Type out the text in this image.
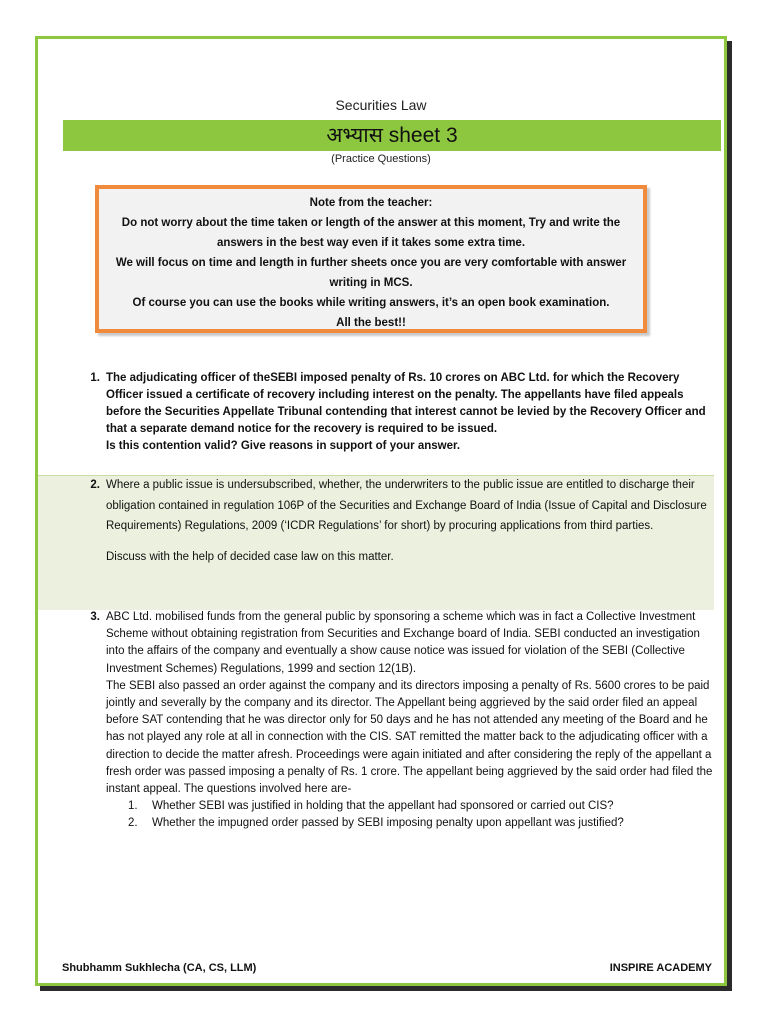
Securities Law
अभ्यास sheet 3
(Practice Questions)
Note from the teacher:
Do not worry about the time taken or length of the answer at this moment, Try and write the answers in the best way even if it takes some extra time.
We will focus on time and length in further sheets once you are very comfortable with answer writing in MCS.
Of course you can use the books while writing answers, it’s an open book examination.
All the best!!
1. The adjudicating officer of theSEBI imposed penalty of Rs. 10 crores on ABC Ltd. for which the Recovery Officer issued a certificate of recovery including interest on the penalty. The appellants have filed appeals before the Securities Appellate Tribunal contending that interest cannot be levied by the Recovery Officer and that a separate demand notice for the recovery is required to be issued.
Is this contention valid? Give reasons in support of your answer.
2. Where a public issue is undersubscribed, whether, the underwriters to the public issue are entitled to discharge their obligation contained in regulation 106P of the Securities and Exchange Board of India (Issue of Capital and Disclosure Requirements) Regulations, 2009 (‘ICDR Regulations’ for short) by procuring applications from third parties.
Discuss with the help of decided case law on this matter.
3. ABC Ltd. mobilised funds from the general public by sponsoring a scheme which was in fact a Collective Investment Scheme without obtaining registration from Securities and Exchange board of India. SEBI conducted an investigation into the affairs of the company and eventually a show cause notice was issued for violation of the SEBI (Collective Investment Schemes) Regulations, 1999 and section 12(1B).
The SEBI also passed an order against the company and its directors imposing a penalty of Rs. 5600 crores to be paid jointly and severally by the company and its director. The Appellant being aggrieved by the said order filed an appeal before SAT contending that he was director only for 50 days and he has not attended any meeting of the Board and he has not played any role at all in connection with the CIS. SAT remitted the matter back to the adjudicating officer with a direction to decide the matter afresh. Proceedings were again initiated and after considering the reply of the appellant a fresh order was passed imposing a penalty of Rs. 1 crore. The appellant being aggrieved by the said order had filed the instant appeal. The questions involved here are-
1.	Whether SEBI was justified in holding that the appellant had sponsored or carried out CIS?
2.	Whether the impugned order passed by SEBI imposing penalty upon appellant was justified?
Shubhamm Sukhlecha (CA, CS, LLM)	INSPIRE ACADEMY
